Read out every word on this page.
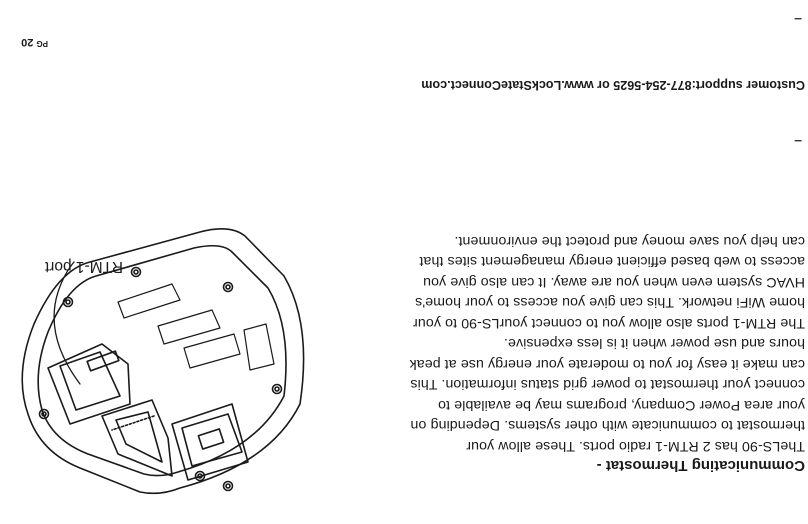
–
–
$^{PG}$ 20
Communicating Thermostat -
TheLS-90 has 2 RTM-1 radio ports. These allow your
thermostat to communicate with other systems. Depending on
your area Power Company, programs may be available to
connect your thermostat to power grid status information. This
can make it easy for you to moderate your energy use at peak
hours and use power when it is less expensive.
The RTM-1 ports also allow you to connect yourLS-90 to your
home WiFi network. This can give you access to your home's
HVAC system even when you are away. It can also give you
access to web based efficient energy management sites that
can help you save money and protect the environment.
Customer support:877-254-5625 or www.LockStateConnect.com
RTM-1 port
